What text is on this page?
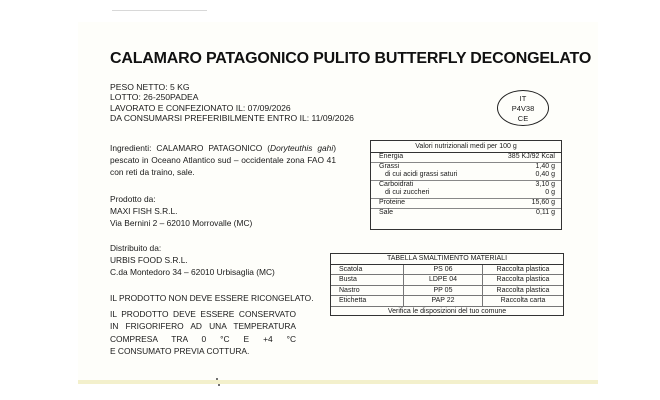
CALAMARO PATAGONICO PULITO BUTTERFLY DECONGELATO
PESO NETTO: 5 KG
LOTTO: 26-250PADEA
LAVORATO E CONFEZIONATO IL: 07/09/2026
DA CONSUMARSI PREFERIBILMENTE ENTRO IL: 11/09/2026
IT
P4V38
CE
Ingredienti: CALAMARO PATAGONICO (Doryteuthis gahi) pescato in Oceano Atlantico sud – occidentale zona FAO 41 con reti da traino, sale.
Prodotto da:
MAXI FISH S.R.L.
Via Bernini 2 – 62010 Morrovalle (MC)
Distribuito da:
URBIS FOOD S.R.L.
C.da Montedoro 34 – 62010 Urbisaglia (MC)
IL PRODOTTO NON DEVE ESSERE RICONGELATO.
IL PRODOTTO DEVE ESSERE CONSERVATO IN FRIGORIFERO AD UNA TEMPERATURA COMPRESA TRA 0 °C E +4 °C
E CONSUMATO PREVIA COTTURA.
Valori nutrizionali medi per 100 g
Energia	385 KJ/92 Kcal
Grassi	1,40 g
di cui acidi grassi saturi	0,40 g
Carboidrati	3,10 g
di cui zuccheri	0 g
Proteine	15,60 g
Sale	0,11 g
TABELLA SMALTIMENTO MATERIALI
Scatola	PS 06	Raccolta plastica
Busta	LDPE 04	Raccolta plastica
Nastro	PP 05	Raccolta plastica
Etichetta	PAP 22	Raccolta carta
Verifica le disposizioni del tuo comune
